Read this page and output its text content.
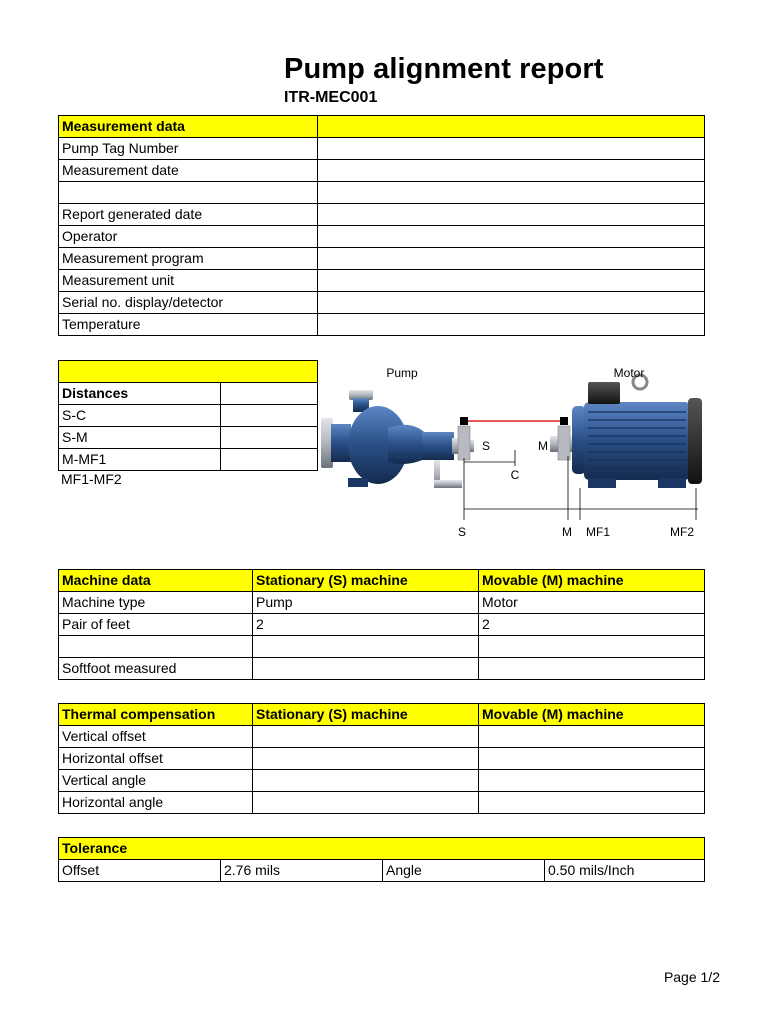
Pump alignment report
ITR-MEC001
Measurement data	
Pump Tag Number	
Measurement date	

Report generated date	
Operator	
Measurement program	
Measurement unit	
Serial no. display/detector	
Temperature	

Distances	
S-C	
S-M	
M-MF1	
MF1-MF2
Pump	Motor
S	M
C
S	M MF1	MF2
Machine data	Stationary (S) machine	Movable (M) machine
Machine type	Pump	Motor
Pair of feet	2	2

Softfoot measured		
Thermal compensation	Stationary (S) machine	Movable (M) machine
Vertical offset		
Horizontal offset		
Vertical angle		
Horizontal angle		
Tolerance
Offset	2.76 mils	Angle	0.50 mils/Inch
Page 1/2
